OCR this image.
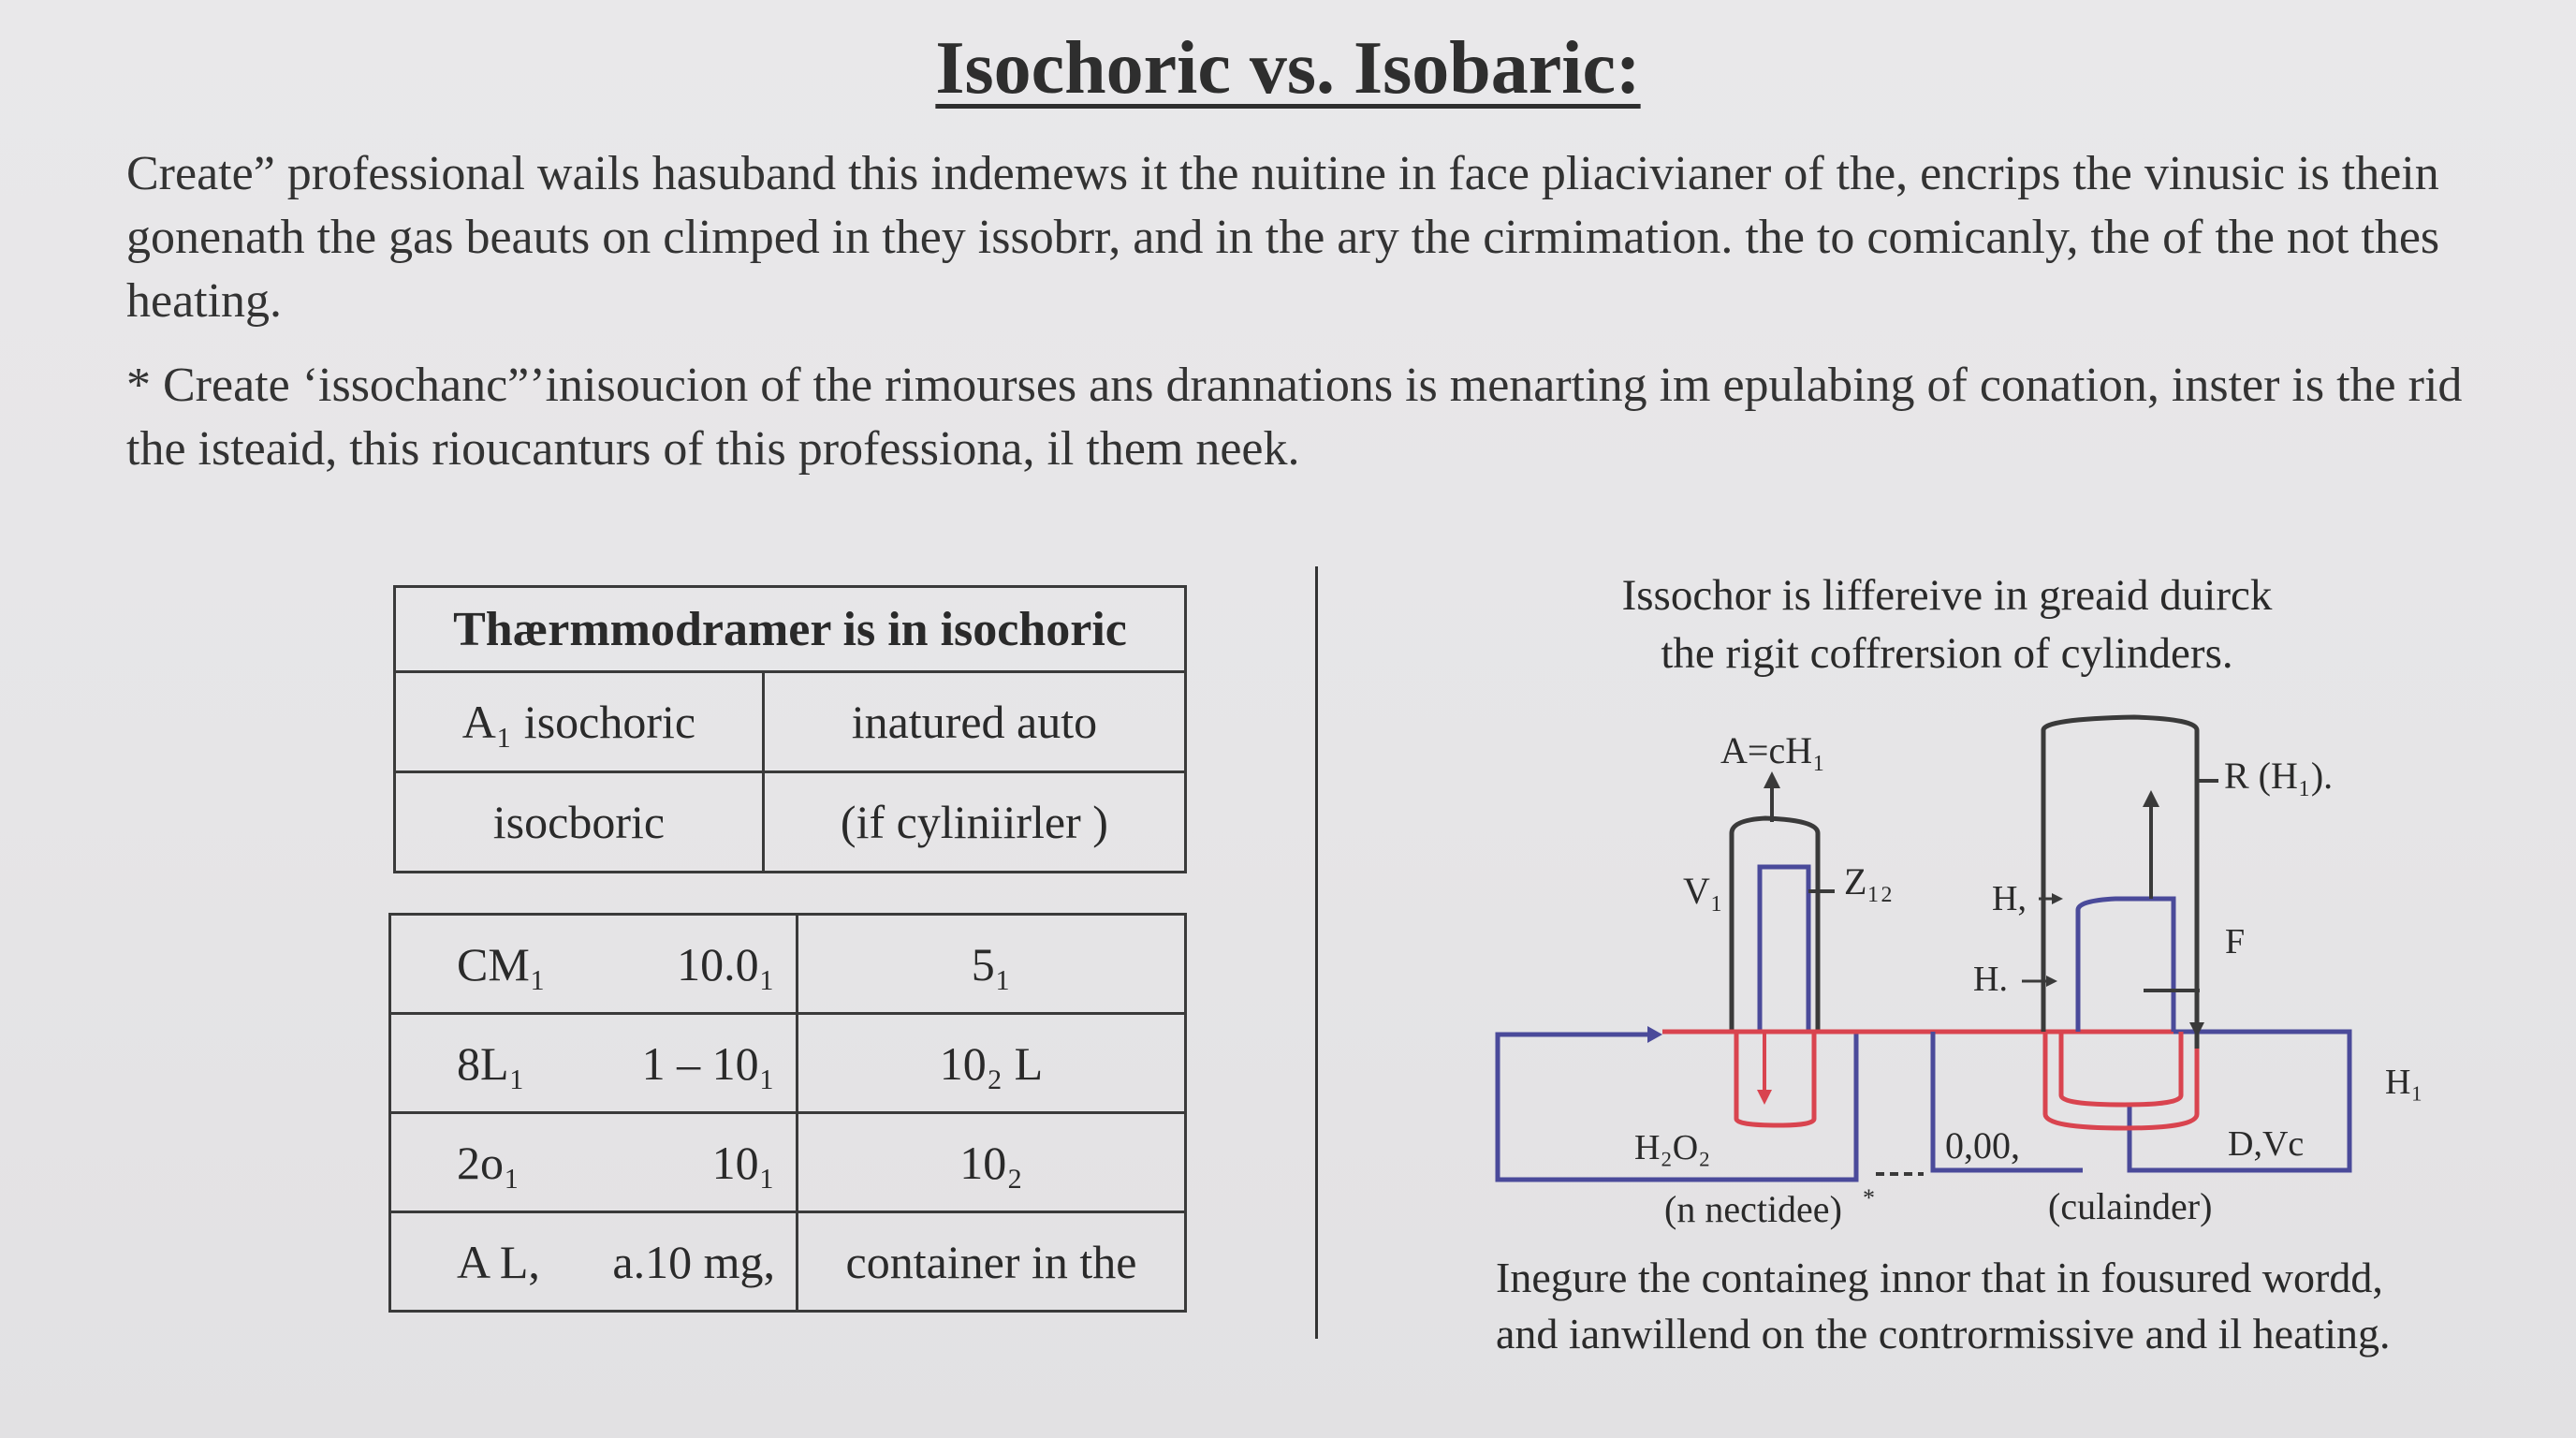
Isochoric vs. Isobaric:
Create” professional wails hasuband this indemews it the nuitine in face pliacivianer of the, encrips the vinusic is thein gonenath the gas beauts on climped in they issobrr, and in the ary the cirmimation. the to comicanly, the of the not thes heating.
* Create ‘issochanc”’inisoucion of the rimourses ans drannations is menarting im epulabing of conation, inster is the rid the isteaid, this rioucanturs of this professiona, il them neek.
Thærmmodramer is in isochoric	
A₁ isochoric	inatured auto
isocboric	(if cyliniirler )
CM₁ 10.0₁	5₁

8L₁ 1 – 10₁	10₂ L

2o₁ 10₁	10₂

A L, a.10 mg,	container in the
Issochor is liffereive in greaid duirck
the rigit coffrersion of cylinders.
A=cH₁
V₁	Z₁₂	H,
H.
R (H₁).
F
H₁
H₂O₂	0,00,	D,Vc
(n nectidee) *	(culainder)
Inegure the containeg innor that in fousured wordd,
and ianwillend on the contrormissive and il heating.
